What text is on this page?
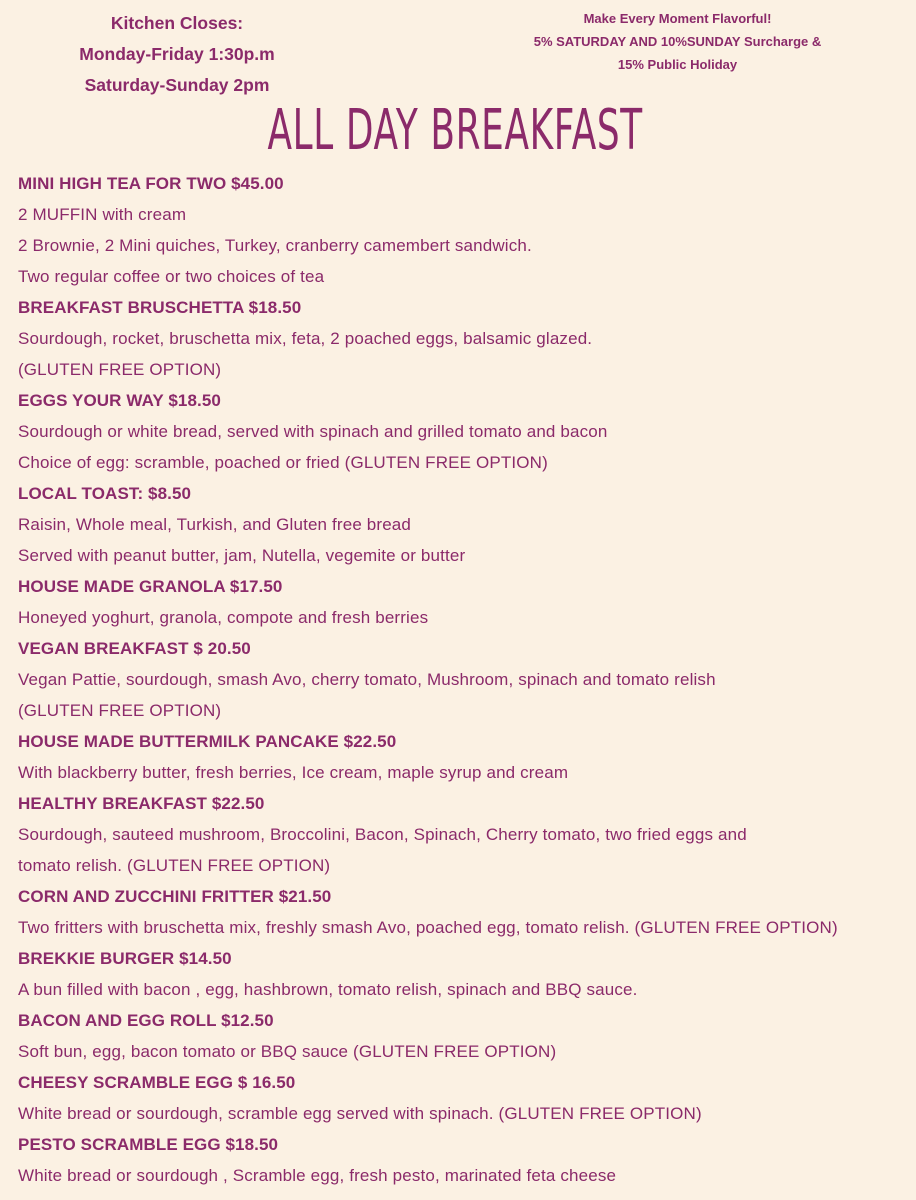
Kitchen Closes:
Monday-Friday 1:30p.m
Saturday-Sunday 2pm
Make Every Moment Flavorful!
5% SATURDAY AND 10%SUNDAY Surcharge &
15% Public Holiday
ALL DAY BREAKFAST
MINI HIGH TEA FOR TWO $45.00
2 MUFFIN with cream
2 Brownie, 2 Mini quiches, Turkey, cranberry camembert sandwich.
Two regular coffee or two choices of tea
BREAKFAST BRUSCHETTA $18.50
Sourdough, rocket, bruschetta mix, feta, 2 poached eggs, balsamic glazed.
(GLUTEN FREE OPTION)
EGGS YOUR WAY $18.50
Sourdough or white bread, served with spinach and grilled tomato and bacon
Choice of egg: scramble, poached or fried (GLUTEN FREE OPTION)
LOCAL TOAST: $8.50
Raisin, Whole meal, Turkish, and Gluten free bread
Served with peanut butter, jam, Nutella, vegemite or butter
HOUSE MADE GRANOLA $17.50
Honeyed yoghurt, granola, compote and fresh berries
VEGAN BREAKFAST $ 20.50
Vegan Pattie, sourdough, smash Avo, cherry tomato, Mushroom, spinach and tomato relish
(GLUTEN FREE OPTION)
HOUSE MADE BUTTERMILK PANCAKE $22.50
With blackberry butter, fresh berries, Ice cream, maple syrup and cream
HEALTHY BREAKFAST $22.50
Sourdough, sauteed mushroom, Broccolini, Bacon, Spinach, Cherry tomato, two fried eggs and
tomato relish. (GLUTEN FREE OPTION)
CORN AND ZUCCHINI FRITTER $21.50
Two fritters with bruschetta mix, freshly smash Avo, poached egg, tomato relish. (GLUTEN FREE OPTION)
BREKKIE BURGER $14.50
A bun filled with bacon , egg, hashbrown, tomato relish, spinach and BBQ sauce.
BACON AND EGG ROLL $12.50
Soft bun, egg, bacon tomato or BBQ sauce (GLUTEN FREE OPTION)
CHEESY SCRAMBLE EGG $ 16.50
White bread or sourdough, scramble egg served with spinach. (GLUTEN FREE OPTION)
PESTO SCRAMBLE EGG $18.50
White bread or sourdough , Scramble egg, fresh pesto, marinated feta cheese
